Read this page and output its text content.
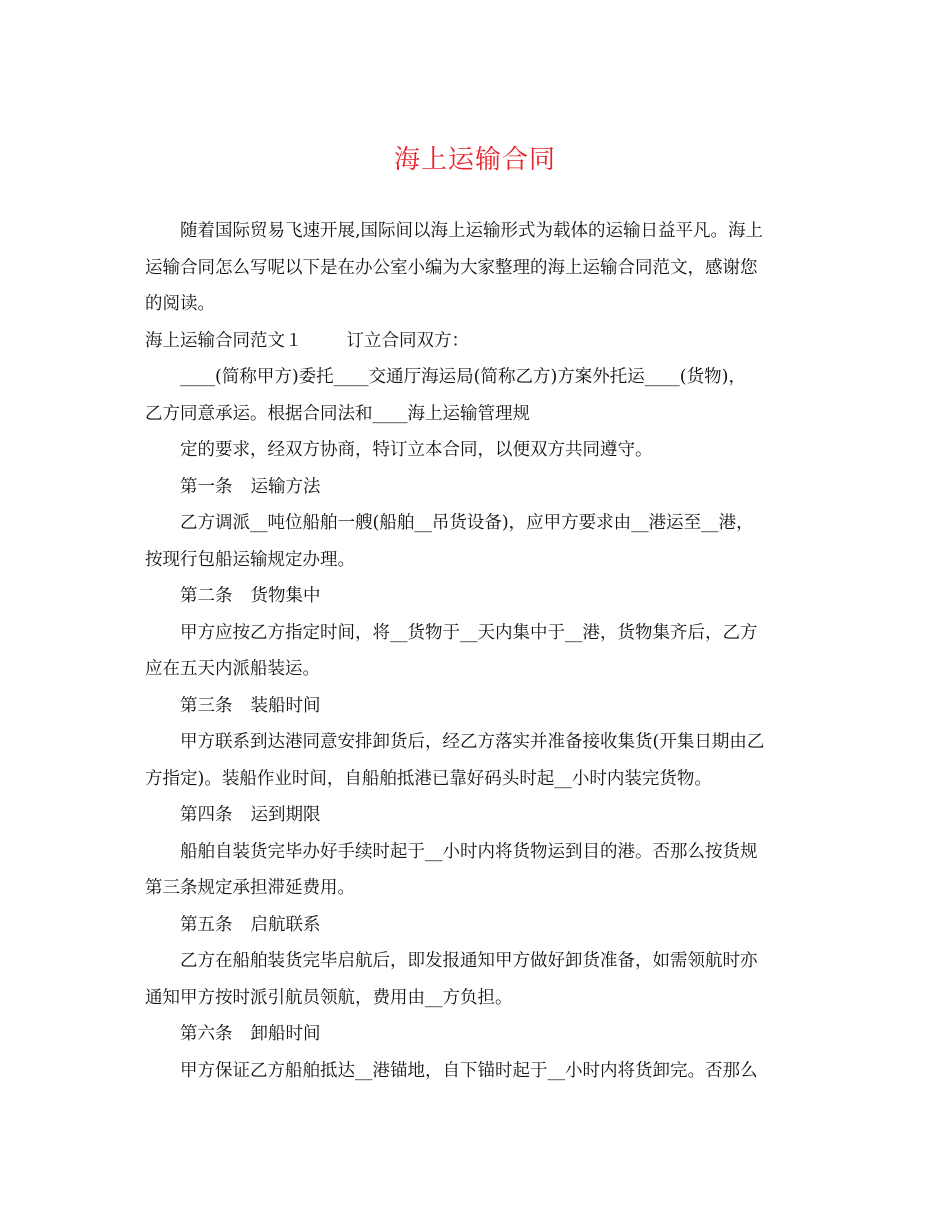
海上运输合同

随着国际贸易飞速开展,国际间以海上运输形式为载体的运输日益平凡。海上

运输合同怎么写呢以下是在办公室小编为大家整理的海上运输合同范文，感谢您

的阅读。

海上运输合同范文１	订立合同双方：

____(简称甲方)委托____交通厅海运局(简称乙方)方案外托运____(货物)，

乙方同意承运。根据合同法和____海上运输管理规

定的要求，经双方协商，特订立本合同，以便双方共同遵守。

第一条 运输方法

乙方调派__吨位船舶一艘(船舶__吊货设备)，应甲方要求由__港运至__港，

按现行包船运输规定办理。

第二条 货物集中

甲方应按乙方指定时间，将__货物于__天内集中于__港，货物集齐后，乙方

应在五天内派船装运。

第三条 装船时间

甲方联系到达港同意安排卸货后，经乙方落实并准备接收集货(开集日期由乙

方指定)。装船作业时间，自船舶抵港已靠好码头时起__小时内装完货物。

第四条 运到期限

船舶自装货完毕办好手续时起于__小时内将货物运到目的港。否那么按货规

第三条规定承担滞延费用。

第五条 启航联系

乙方在船舶装货完毕启航后，即发报通知甲方做好卸货准备，如需领航时亦

通知甲方按时派引航员领航，费用由__方负担。

第六条 卸船时间

甲方保证乙方船舶抵达__港锚地，自下锚时起于__小时内将货卸完。否那么
